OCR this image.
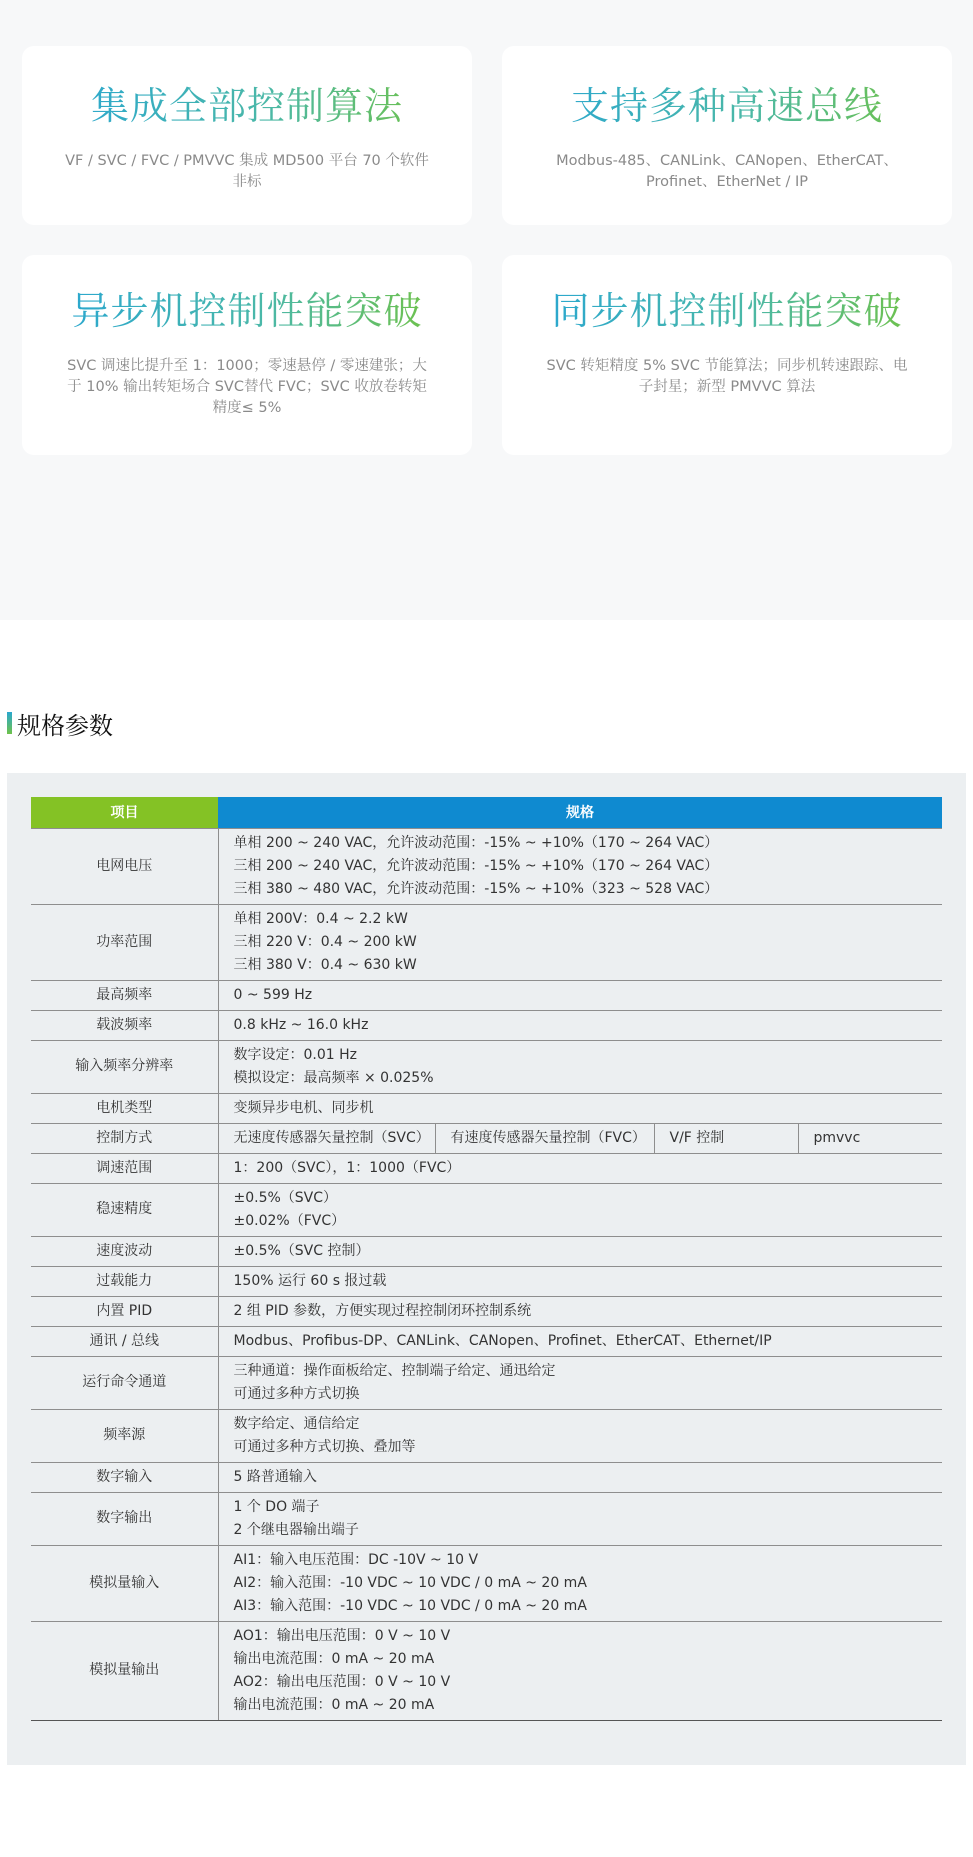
集成全部控制算法
VF / SVC / FVC / PMVVC 集成 MD500 平台 70 个软件非标
支持多种高速总线
Modbus-485、CANLink、CANopen、EtherCAT、Profinet、EtherNet / IP
异步机控制性能突破
SVC 调速比提升至 1：1000；零速悬停 / 零速建张；大于 10% 输出转矩场合 SVC替代 FVC；SVC 收放卷转矩精度≤ 5%
同步机控制性能突破
SVC 转矩精度 5% SVC 节能算法；同步机转速跟踪、电子封星；新型 PMVVC 算法
规格参数
项目	规格			
电网电压	单相 200 ~ 240 VAC，允许波动范围：-15% ~ +10%（170 ~ 264 VAC）
三相 200 ~ 240 VAC，允许波动范围：-15% ~ +10%（170 ~ 264 VAC）
三相 380 ~ 480 VAC，允许波动范围：-15% ~ +10%（323 ~ 528 VAC）			

功率范围	单相 200V：0.4 ~ 2.2 kW
三相 220 V：0.4 ~ 200 kW
三相 380 V：0.4 ~ 630 kW			

最高频率	0 ~ 599 Hz			

载波频率	0.8 kHz ~ 16.0 kHz			

输入频率分辨率	数字设定：0.01 Hz
模拟设定：最高频率 × 0.025%			

电机类型	变频异步电机、同步机			

控制方式	无速度传感器矢量控制（SVC）	有速度传感器矢量控制（FVC）	V/F 控制	pmvvc
调速范围	1：200（SVC），1：1000（FVC）			

稳速精度	±0.5%（SVC）
±0.02%（FVC）			

速度波动	±0.5%（SVC 控制）			

过载能力	150% 运行 60 s 报过载			

内置 PID	2 组 PID 参数，方便实现过程控制闭环控制系统			

通讯 / 总线	Modbus、Profibus-DP、CANLink、CANopen、Profinet、EtherCAT、Ethernet/IP			

运行命令通道	三种通道：操作面板给定、控制端子给定、通迅给定
可通过多种方式切换			

频率源	数字给定、通信给定
可通过多种方式切换、叠加等			

数字输入	5 路普通输入			

数字输出	1 个 DO 端子
2 个继电器输出端子			

模拟量输入	AI1：输入电压范围：DC -10V ~ 10 V
AI2：输入范围：-10 VDC ~ 10 VDC / 0 mA ~ 20 mA
AI3：输入范围：-10 VDC ~ 10 VDC / 0 mA ~ 20 mA			

模拟量输出	AO1：输出电压范围：0 V ~ 10 V
输出电流范围：0 mA ~ 20 mA
AO2：输出电压范围：0 V ~ 10 V
输出电流范围：0 mA ~ 20 mA			
